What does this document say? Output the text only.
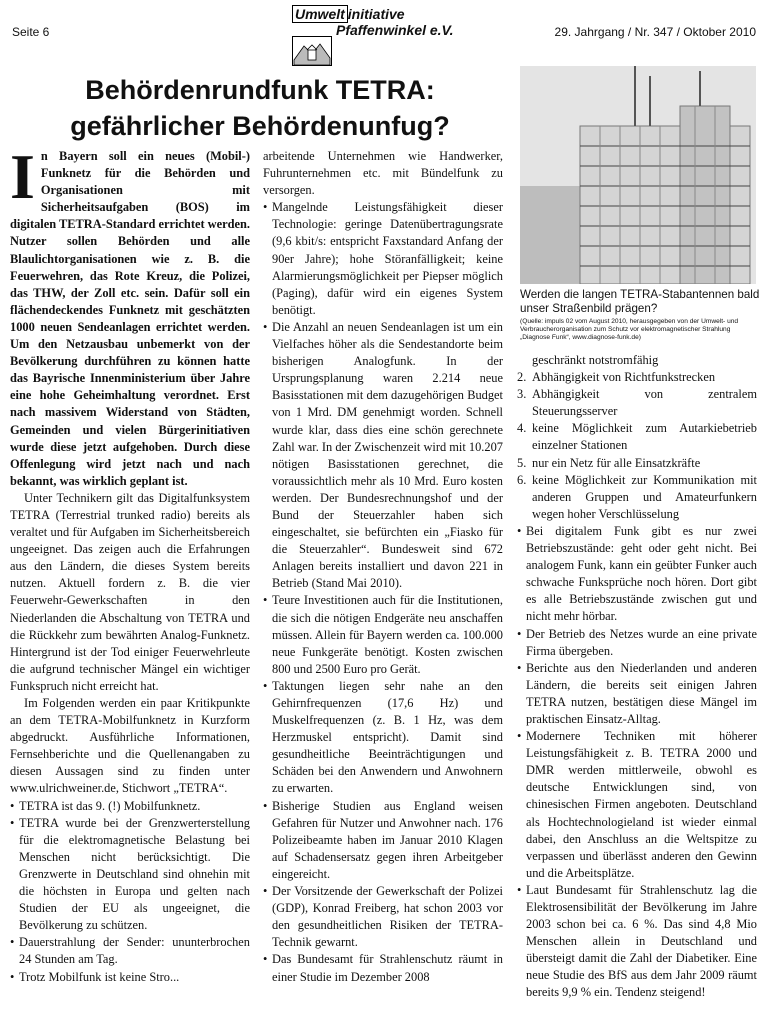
Seite 6
Umwelt initiative
Pfaffenwinkel e.V.	29. Jahrgang / Nr. 347 / Oktober 2010
Behördenrundfunk TETRA:
gefährlicher Behördenunfug?

In Bayern soll ein neues (Mobil-) Funknetz für die Behörden und Organisationen mit Sicherheitsaufgaben (BOS) im digitalen TETRA-Standard errichtet werden. Nutzer sollen Behörden und alle Blaulichtorganisationen wie z. B. die Feuerwehren, das Rote Kreuz, die Polizei, das THW, der Zoll etc. sein. Dafür soll ein flächendeckendes Funknetz mit geschätzten 1000 neuen Sendeanlagen errichtet werden. Um den Netzausbau unbemerkt von der Bevölkerung durchführen zu können hatte das Bayrische Innenministerium über Jahre eine hohe Geheimhaltung verordnet. Erst nach massivem Widerstand von Städten, Gemeinden und vielen Bürgerinitiativen wurde diese jetzt aufgehoben. Durch diese Offenlegung wird jetzt nach und nach bekannt, was wirklich geplant ist.

Unter Technikern gilt das Digitalfunksystem TETRA (Terrestrial trunked radio) bereits als veraltet und für Aufgaben im Sicherheitsbereich ungeeignet. Das zeigen auch die Erfahrungen aus den Ländern, die dieses System bereits nutzen. Aktuell fordern z. B. die vier Feuerwehr-Gewerkschaften in den Niederlanden die Abschaltung von TETRA und die Rückkehr zum bewährten Analog-Funknetz. Hintergrund ist der Tod einiger Feuerwehrleute die aufgrund technischer Mängel ein wichtiger Funkspruch nicht erreicht hat.

Im Folgenden werden ein paar Kritikpunkte an dem TETRA-Mobilfunknetz in Kurzform abgedruckt. Ausführliche Informationen, Fernsehberichte und die Quellenangaben zu diesen Aussagen sind zu finden unter www.ulrichweiner.de, Stichwort „TETRA“.

• TETRA ist das 9. (!) Mobilfunknetz.
• TETRA wurde bei der Grenzwerterstellung für die elektromagnetische Belastung bei Menschen nicht berücksichtigt. Die Grenzwerte in Deutschland sind ohnehin mit die höchsten in Europa und gelten nach Studien der EU als ungeeignet, die Bevölkerung zu schützen.
• Dauerstrahlung der Sender: ununterbrochen 24 Stunden am Tag.
• Trotz Mobilfunk ist keine Stro...

arbeitende Unternehmen wie Handwerker, Fuhrunternehmen etc. mit Bündelfunk zu versorgen.

• Mangelnde Leistungsfähigkeit dieser Technologie: geringe Datenübertragungsrate (9,6 kbit/s: entspricht Faxstandard Anfang der 90er Jahre); hohe Störanfälligkeit; keine Alarmierungsmöglichkeit per Piepser möglich (Paging), dafür wird ein eigenes System benötigt.
• Die Anzahl an neuen Sendeanlagen ist um ein Vielfaches höher als die Sendestandorte beim bisherigen Analogfunk. In der Ursprungsplanung waren 2.214 neue Basisstationen mit dem dazugehörigen Budget von 1 Mrd. DM genehmigt worden. Schnell wurde klar, dass dies eine schön gerechnete Zahl war. In der Zwischenzeit wird mit 10.207 nötigen Basisstationen gerechnet, die voraussichtlich mehr als 10 Mrd. Euro kosten werden. Der Bundesrechnungshof und der Bund der Steuerzahler haben sich eingeschaltet, sie befürchten ein „Fiasko für die Steuerzahler“. Bundesweit sind 672 Anlagen bereits installiert und davon 221 in Betrieb (Stand Mai 2010).
• Teure Investitionen auch für die Institutionen, die sich die nötigen Endgeräte neu anschaffen müssen. Allein für Bayern werden ca. 100.000 neue Funkgeräte benötigt. Kosten zwischen 800 und 2500 Euro pro Gerät.
• Taktungen liegen sehr nahe an den Gehirnfrequenzen (17,6 Hz) und Muskelfrequenzen (z. B. 1 Hz, was dem Herzmuskel entspricht). Damit sind gesundheitliche Beeinträchtigungen und Schäden bei den Anwendern und Anwohnern zu erwarten.
• Bisherige Studien aus England weisen Gefahren für Nutzer und Anwohner nach. 176 Polizeibeamte haben im Januar 2010 Klagen auf Schadensersatz gegen ihren Arbeitgeber eingereicht.
• Der Vorsitzende der Gewerkschaft der Polizei (GDP), Konrad Freiberg, hat schon 2003 vor den gesundheitlichen Risiken der TETRA-Technik gewarnt.
• Das Bundesamt für Strahlenschutz räumt in einer Studie im Dezember 2008
Werden die langen TETRA-Stabantennen bald unser Straßenbild prägen?
(Quelle: impuls 02 vom August 2010, herausgegeben von der Umwelt- und Verbraucherorganisation zum Schutz vor elektromagnetischer Strahlung „Diagnose Funk“, www.diagnose-funk.de)

geschränkt notstromfähig

2. Abhängigkeit von Richtfunkstrecken
3. Abhängigkeit von zentralem Steuerungsserver
4. keine Möglichkeit zum Autarkiebetrieb einzelner Stationen
5. nur ein Netz für alle Einsatzkräfte
6. keine Möglichkeit zur Kommunikation mit anderen Gruppen und Amateurfunkern wegen hoher Verschlüsselung
• Bei digitalem Funk gibt es nur zwei Betriebszustände: geht oder geht nicht. Bei analogem Funk, kann ein geübter Funker auch schwache Funksprüche noch hören. Dort gibt es alle Betriebszustände zwischen gut und nicht mehr hörbar.
• Der Betrieb des Netzes wurde an eine private Firma übergeben.
• Berichte aus den Niederlanden und anderen Ländern, die bereits seit einigen Jahren TETRA nutzen, bestätigen diese Mängel im praktischen Einsatz-Alltag.
• Modernere Techniken mit höherer Leistungsfähigkeit z. B. TETRA 2000 und DMR werden mittlerweile, obwohl es deutsche Entwicklungen sind, von chinesischen Firmen angeboten. Deutschland als Hochtechnologieland ist wieder einmal dabei, den Anschluss an die Weltspitze zu verpassen und überlässt anderen den Gewinn und die Arbeitsplätze.
• Laut Bundesamt für Strahlenschutz lag die Elektrosensibilität der Bevölkerung im Jahre 2003 schon bei ca. 6 %. Das sind 4,8 Mio Menschen allein in Deutschland und übersteigt damit die Zahl der Diabetiker. Eine neue Studie des BfS aus dem Jahr 2009 räumt bereits 9,9 % ein. Tendenz steigend!
